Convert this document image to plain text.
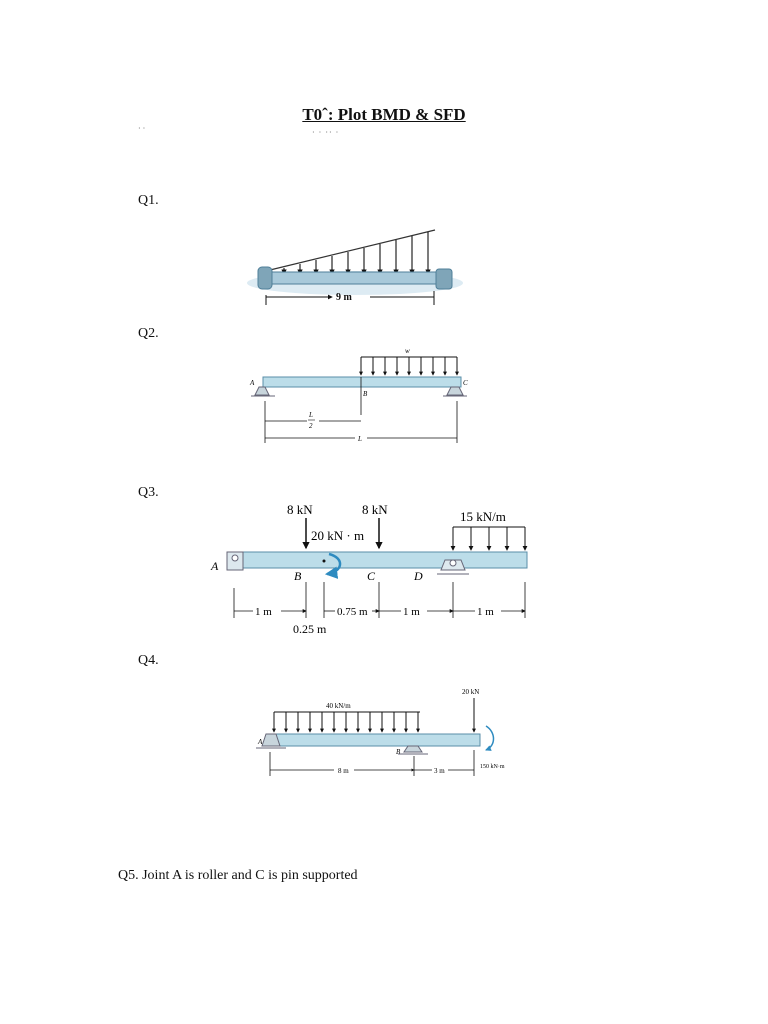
T0ˆ: Plot BMD & SFD
· · ·· ·
· ·
Q1.
Q2.
Q3.
Q4.
Q5. Joint A is roller and C is pin supported
9 m
w
A
B
C
L
2
L
8 kN	8 kN	15 kN/m
20 kN · m
A
B	C	D
1 m	0.75 m	1 m	1 m
0.25 m
40 kN/m
20 kN
150 kN·m
A
B
8 m	3 m
